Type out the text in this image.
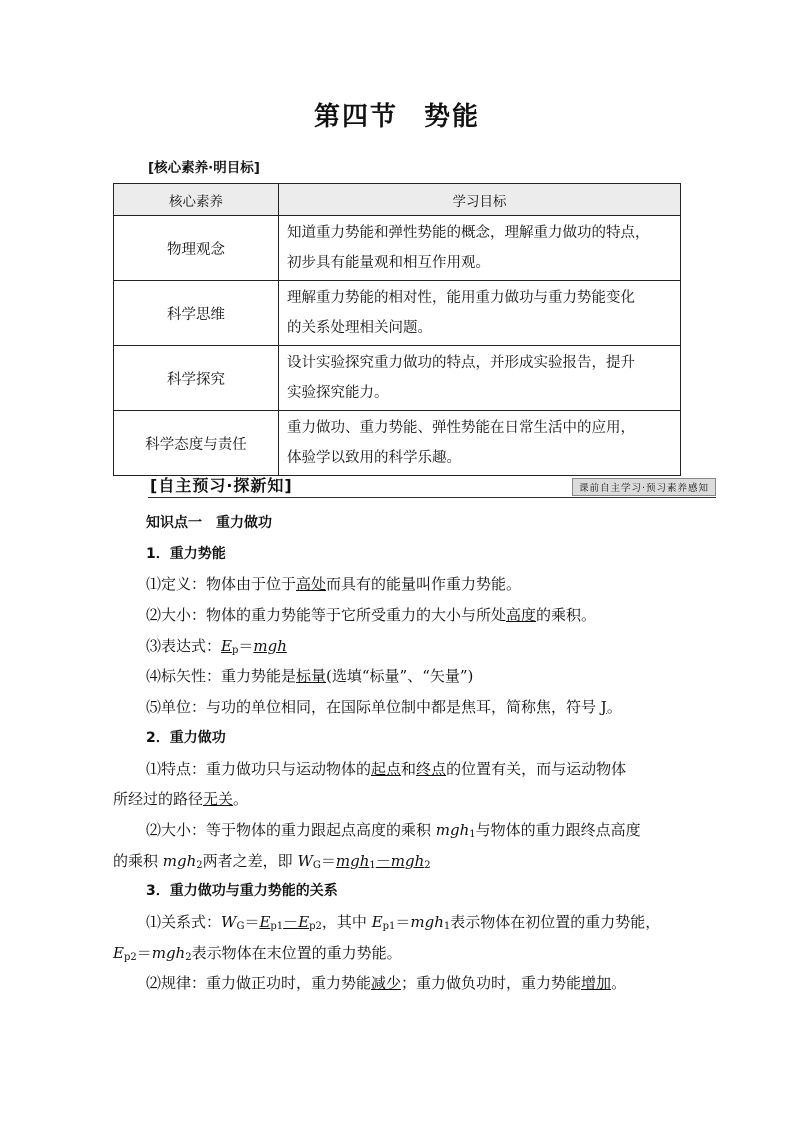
第四节 势能
[核心素养·明目标]
核心素养	学习目标
物理观念	知道重力势能和弹性势能的概念，理解重力做功的特点，
初步具有能量观和相互作用观。

科学思维	理解重力势能的相对性，能用重力做功与重力势能变化
的关系处理相关问题。

科学探究	设计实验探究重力做功的特点，并形成实验报告，提升
实验探究能力。

科学态度与责任	重力做功、重力势能、弹性势能在日常生活中的应用，
体验学以致用的科学乐趣。
[自主预习·探新知]	课前自主学习·预习素养感知
知识点一　重力做功
1．重力势能
⑴定义：物体由于位于高处而具有的能量叫作重力势能。
⑵大小：物体的重力势能等于它所受重力的大小与所处高度的乘积。
⑶表达式：$E_p=mgh$
⑷标矢性：重力势能是标量(选填“标量”、“矢量”)
⑸单位：与功的单位相同，在国际单位制中都是焦耳，简称焦，符号 J。
2．重力做功
⑴特点：重力做功只与运动物体的起点和终点的位置有关，而与运动物体
所经过的路径无关。
⑵大小：等于物体的重力跟起点高度的乘积 mgh$_1$与物体的重力跟终点高度
的乘积 mgh$_2$两者之差，即 $W_G=mgh_1-mgh_2$
3．重力做功与重力势能的关系
⑴关系式：$W_G=E_{p1}-E_{p2}$，其中 $E_{p1}=mgh_1$表示物体在初位置的重力势能，
$E_{p2}=mgh_2$表示物体在末位置的重力势能。
⑵规律：重力做正功时，重力势能减少；重力做负功时，重力势能增加。
